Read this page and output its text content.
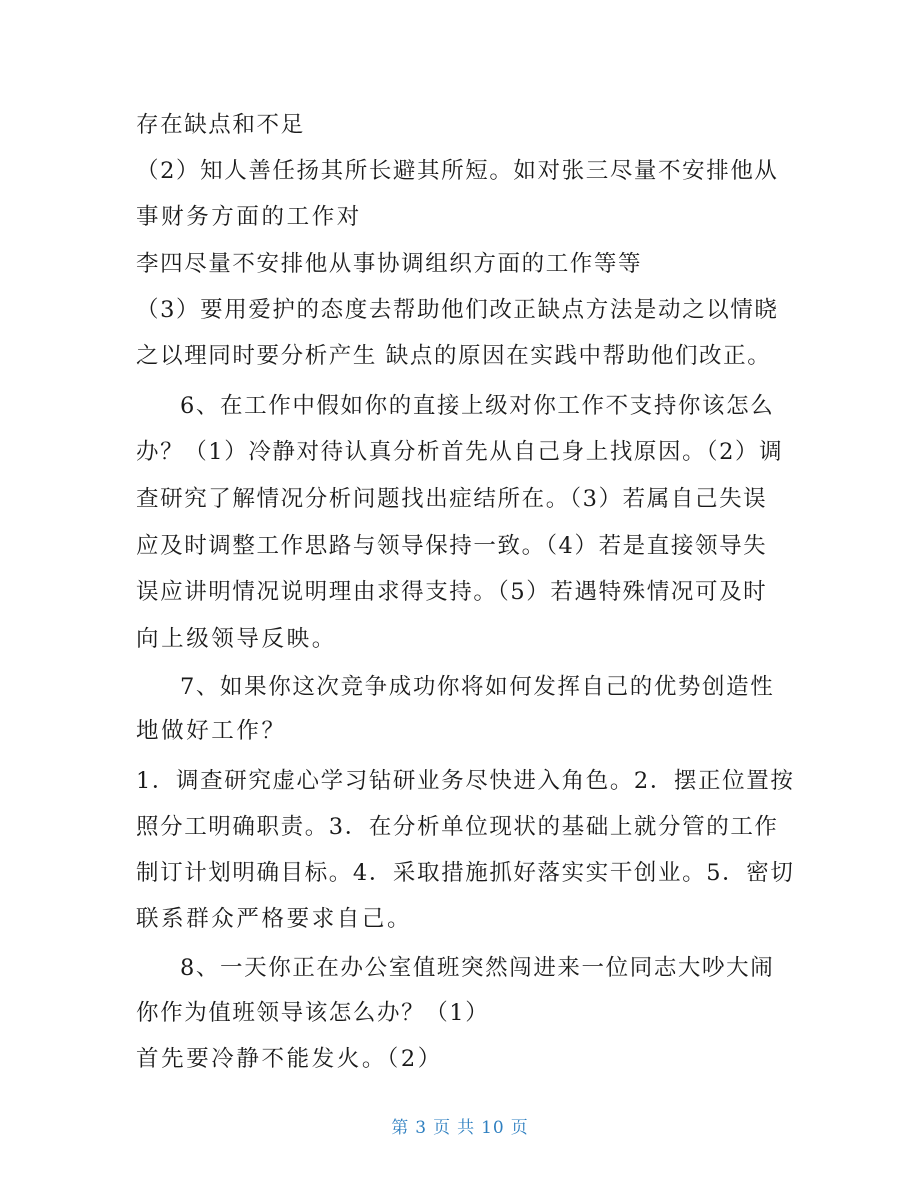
存在缺点和不足
（2）知人善任扬其所长避其所短。如对张三尽量不安排他从
事财务方面的工作对
李四尽量不安排他从事协调组织方面的工作等等
（3）要用爱护的态度去帮助他们改正缺点方法是动之以情晓
之以理同时要分析产生 缺点的原因在实践中帮助他们改正。
6、在工作中假如你的直接上级对你工作不支持你该怎么
办？（1）冷静对待认真分析首先从自己身上找原因。（2）调
查研究了解情况分析问题找出症结所在。（3）若属自己失误
应及时调整工作思路与领导保持一致。（4）若是直接领导失
误应讲明情况说明理由求得支持。（5）若遇特殊情况可及时
向上级领导反映。
7、如果你这次竞争成功你将如何发挥自己的优势创造性
地做好工作？
1．调查研究虚心学习钻研业务尽快进入角色。2．摆正位置按
照分工明确职责。3．在分析单位现状的基础上就分管的工作
制订计划明确目标。4．采取措施抓好落实实干创业。5．密切
联系群众严格要求自己。
8、一天你正在办公室值班突然闯进来一位同志大吵大闹
你作为值班领导该怎么办？（1）
首先要冷静不能发火。（2）
第 3 页 共 10 页
